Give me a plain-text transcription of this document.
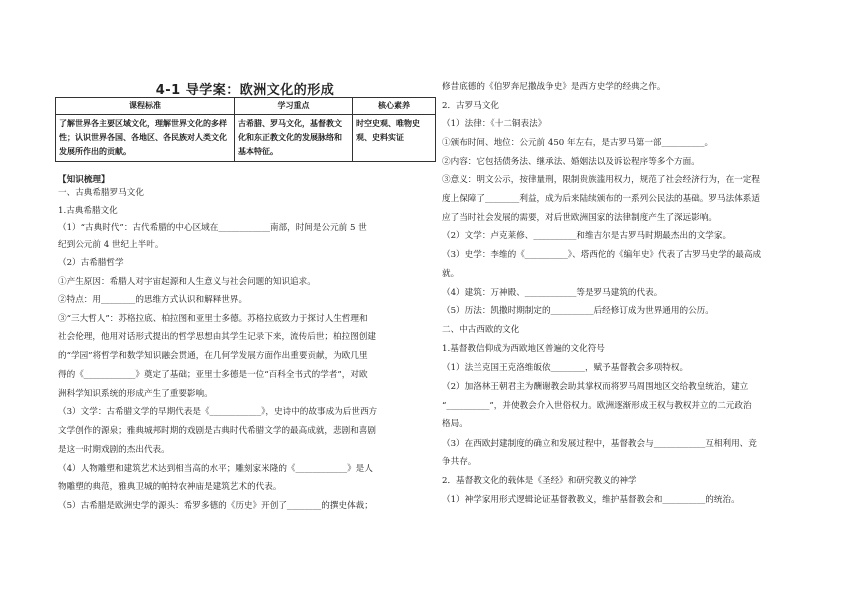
4-1 导学案：欧洲文化的形成
课程标准	学习重点	核心素养
了解世界各主要区域文化，理解世界文化的多样性；认识世界各国、各地区、各民族对人类文化发展所作出的贡献。	古希腊、罗马文化，基督教文化和东正教文化的发展脉络和基本特征。	时空史观、唯物史观、史料实证
【知识梳理】
一、古典希腊罗马文化
1.古典希腊文化
（1）“古典时代”：古代希腊的中心区域在____________南部，时间是公元前 5 世
纪到公元前 4 世纪上半叶。
（2）古希腊哲学
①产生原因：希腊人对宇宙起源和人生意义与社会问题的知识追求。
②特点：用________的思维方式认识和解释世界。
③“三大哲人”：苏格拉底、柏拉图和亚里士多德。苏格拉底致力于探讨人生哲理和
社会伦理，他用对话形式提出的哲学思想由其学生记录下来，流传后世；柏拉图创建
的“学园”将哲学和数学知识融会贯通，在几何学发展方面作出重要贡献，为欧几里
得的《____________》奠定了基础；亚里士多德是一位“百科全书式的学者”，对欧
洲科学知识系统的形成产生了重要影响。
（3）文学：古希腊文学的早期代表是《____________》，史诗中的故事成为后世西方
文学创作的源泉；雅典城邦时期的戏剧是古典时代希腊文学的最高成就，悲剧和喜剧
是这一时期戏剧的杰出代表。
（4）人物雕塑和建筑艺术达到相当高的水平；雕刻家米隆的《____________》是人
物雕塑的典范，雅典卫城的帕特农神庙是建筑艺术的代表。
（5）古希腊是欧洲史学的源头：希罗多德的《历史》开创了________的撰史体裁；
修昔底德的《伯罗奔尼撒战争史》是西方史学的经典之作。
2．古罗马文化
（1）法律：《十二铜表法》
①颁布时间、地位：公元前 450 年左右，是古罗马第一部__________。
②内容：它包括债务法、继承法、婚姻法以及诉讼程序等多个方面。
③意义：明文公示，按律量刑，限制贵族滥用权力，规范了社会经济行为，在一定程
度上保障了________利益，成为后来陆续颁布的一系列公民法的基础。罗马法体系适
应了当时社会发展的需要，对后世欧洲国家的法律制度产生了深远影响。
（2）文学：卢克莱修、__________和维吉尔是古罗马时期最杰出的文学家。
（3）史学：李维的《__________》、塔西佗的《编年史》代表了古罗马史学的最高成
就。
（4）建筑：万神殿、____________等是罗马建筑的代表。
（5）历法：凯撒时期制定的__________后经修订成为世界通用的公历。
二、中古西欧的文化
1.基督教信仰成为西欧地区普遍的文化符号
（1）法兰克国王克洛维皈依________，赋予基督教会多项特权。
（2）加洛林王朝君主为酬谢教会助其掌权而将罗马周围地区交给教皇统治，建立
“__________”，并使教会介入世俗权力。欧洲逐渐形成王权与教权并立的二元政治
格局。
（3）在西欧封建制度的确立和发展过程中，基督教会与____________互相利用、竞
争共存。
2．基督教文化的载体是《圣经》和研究教义的神学
（1）神学家用形式逻辑论证基督教教义，维护基督教会和__________的统治。
